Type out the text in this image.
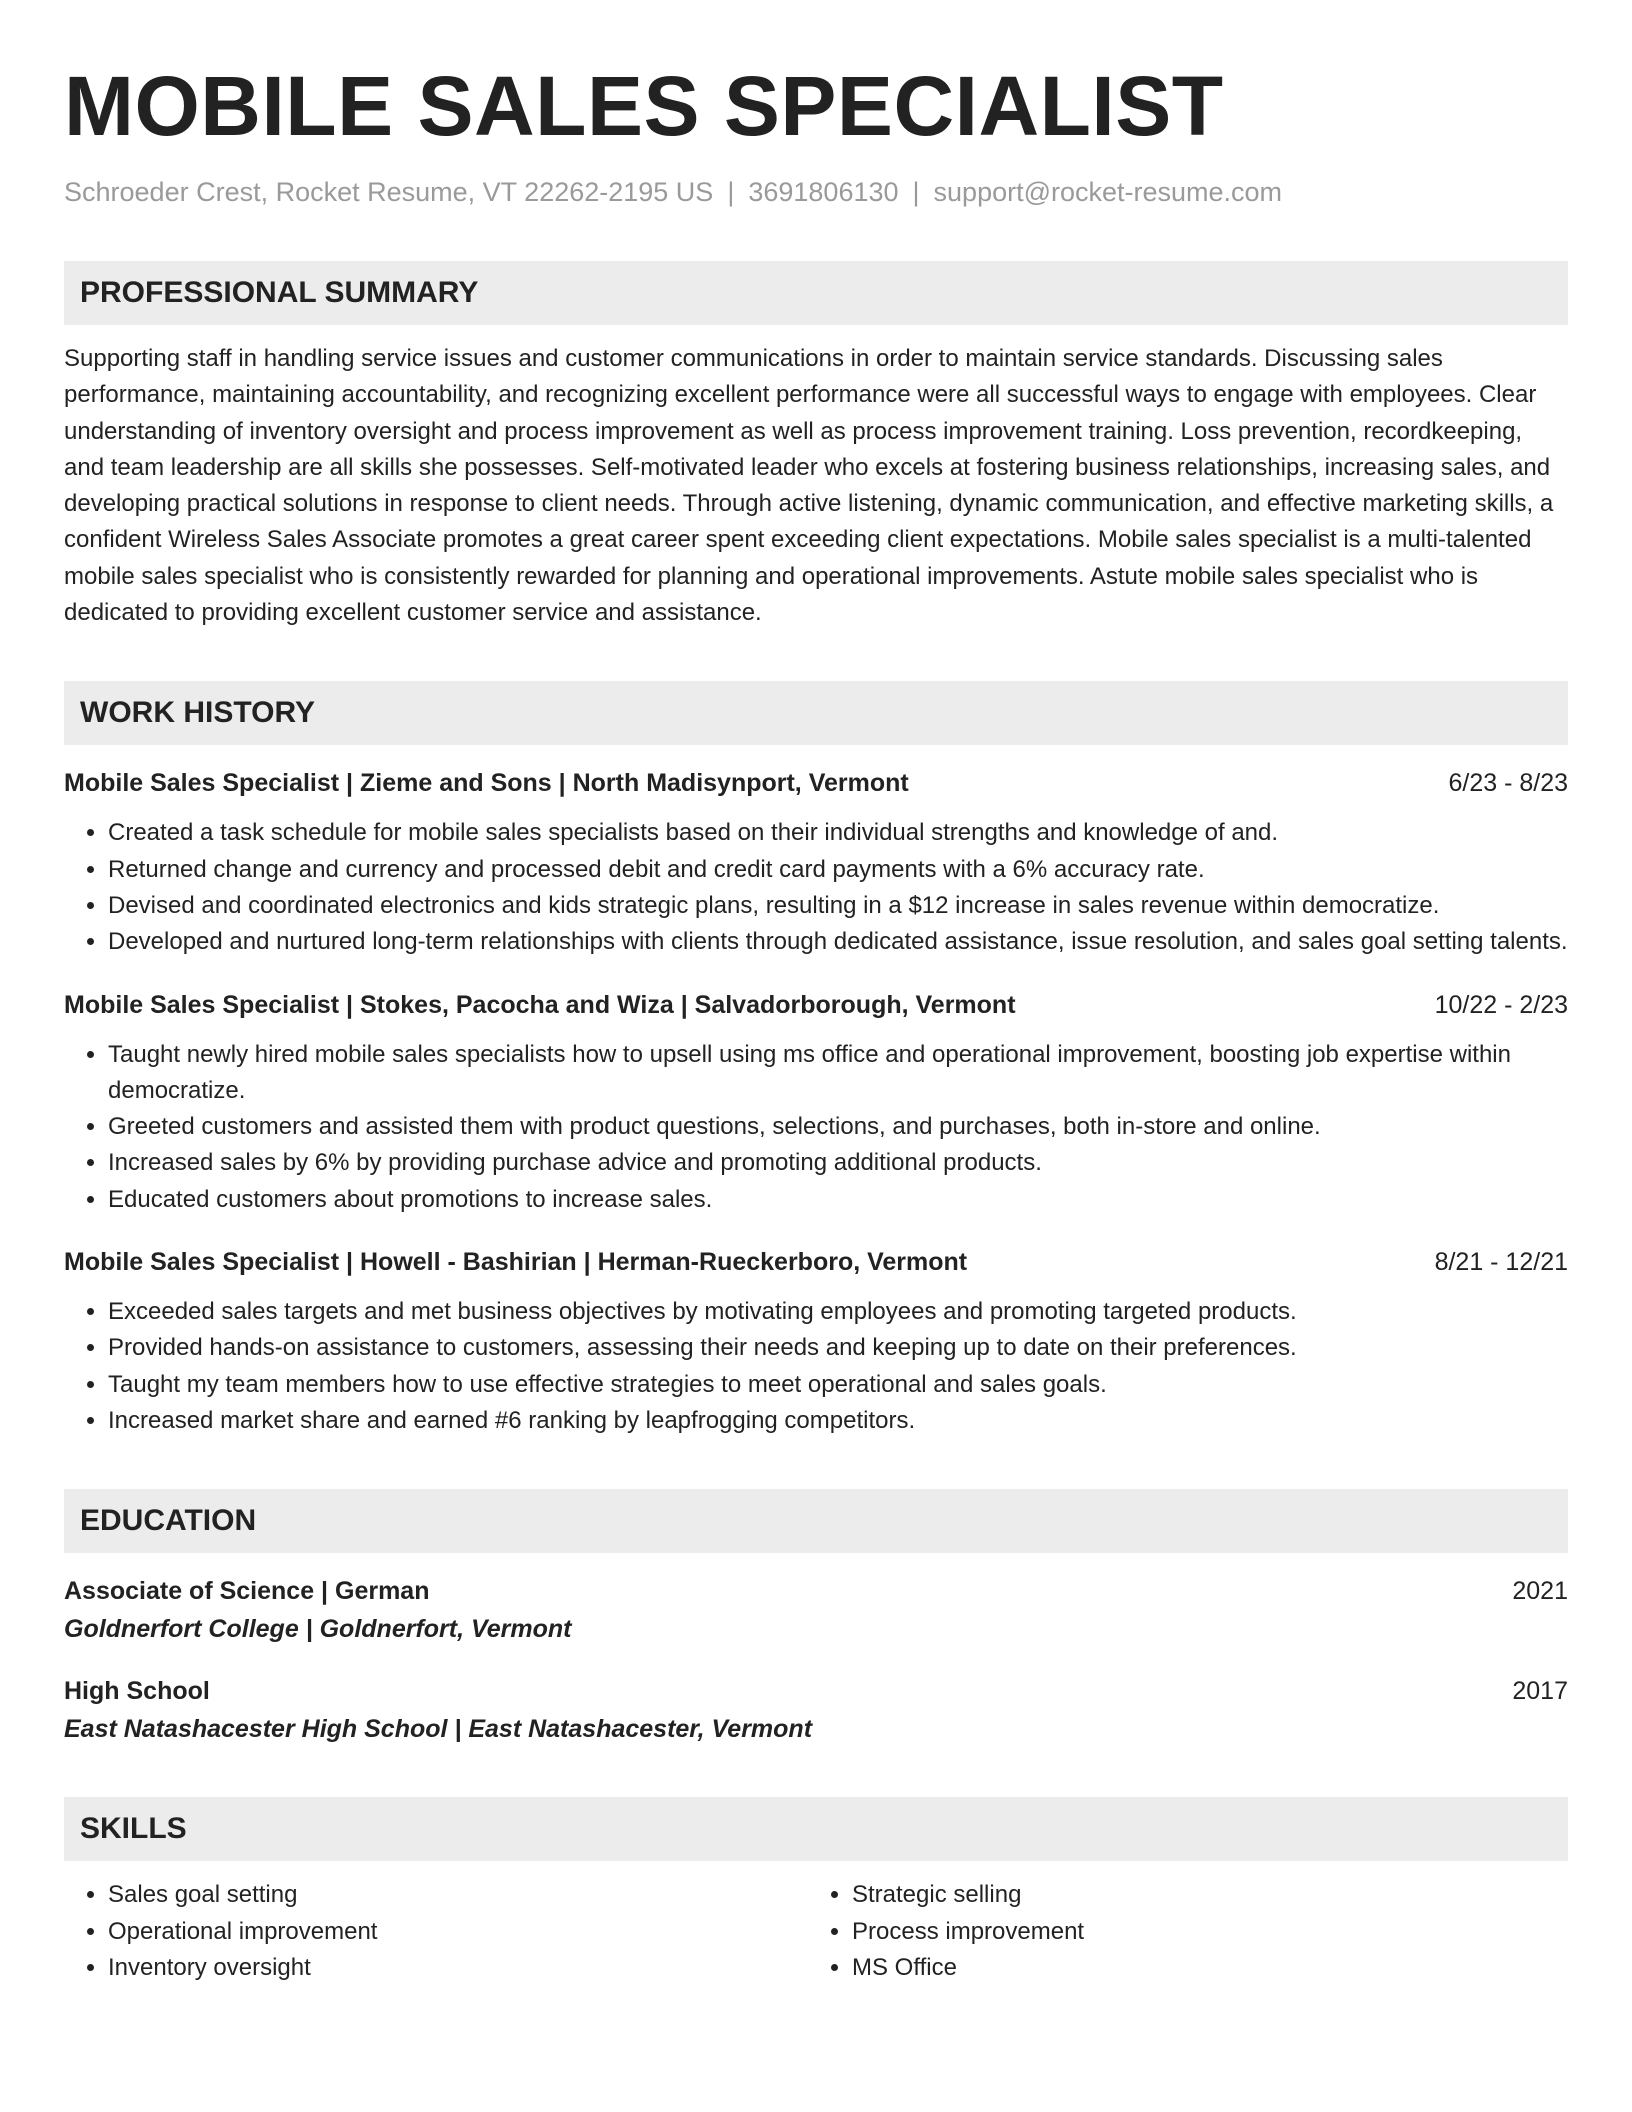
MOBILE SALES SPECIALIST
Schroeder Crest, Rocket Resume, VT 22262-2195 US | 3691806130 | support@rocket-resume.com
PROFESSIONAL SUMMARY
Supporting staff in handling service issues and customer communications in order to maintain service standards. Discussing sales performance, maintaining accountability, and recognizing excellent performance were all successful ways to engage with employees. Clear understanding of inventory oversight and process improvement as well as process improvement training. Loss prevention, recordkeeping, and team leadership are all skills she possesses. Self-motivated leader who excels at fostering business relationships, increasing sales, and developing practical solutions in response to client needs. Through active listening, dynamic communication, and effective marketing skills, a confident Wireless Sales Associate promotes a great career spent exceeding client expectations. Mobile sales specialist is a multi-talented mobile sales specialist who is consistently rewarded for planning and operational improvements. Astute mobile sales specialist who is dedicated to providing excellent customer service and assistance.
WORK HISTORY
Mobile Sales Specialist | Zieme and Sons | North Madisynport, Vermont	6/23 - 8/23
• Created a task schedule for mobile sales specialists based on their individual strengths and knowledge of and.
• Returned change and currency and processed debit and credit card payments with a 6% accuracy rate.
• Devised and coordinated electronics and kids strategic plans, resulting in a $12 increase in sales revenue within democratize.
• Developed and nurtured long-term relationships with clients through dedicated assistance, issue resolution, and sales goal setting talents.
Mobile Sales Specialist | Stokes, Pacocha and Wiza | Salvadorborough, Vermont	10/22 - 2/23
• Taught newly hired mobile sales specialists how to upsell using ms office and operational improvement, boosting job expertise within democratize.
• Greeted customers and assisted them with product questions, selections, and purchases, both in-store and online.
• Increased sales by 6% by providing purchase advice and promoting additional products.
• Educated customers about promotions to increase sales.
Mobile Sales Specialist | Howell - Bashirian | Herman-Rueckerboro, Vermont	8/21 - 12/21
• Exceeded sales targets and met business objectives by motivating employees and promoting targeted products.
• Provided hands-on assistance to customers, assessing their needs and keeping up to date on their preferences.
• Taught my team members how to use effective strategies to meet operational and sales goals.
• Increased market share and earned #6 ranking by leapfrogging competitors.
EDUCATION
Associate of Science | German	2021
Goldnerfort College | Goldnerfort, Vermont
High School	2017
East Natashacester High School | East Natashacester, Vermont
SKILLS
• Sales goal setting
• Operational improvement
• Inventory oversight
• Strategic selling
• Process improvement
• MS Office
